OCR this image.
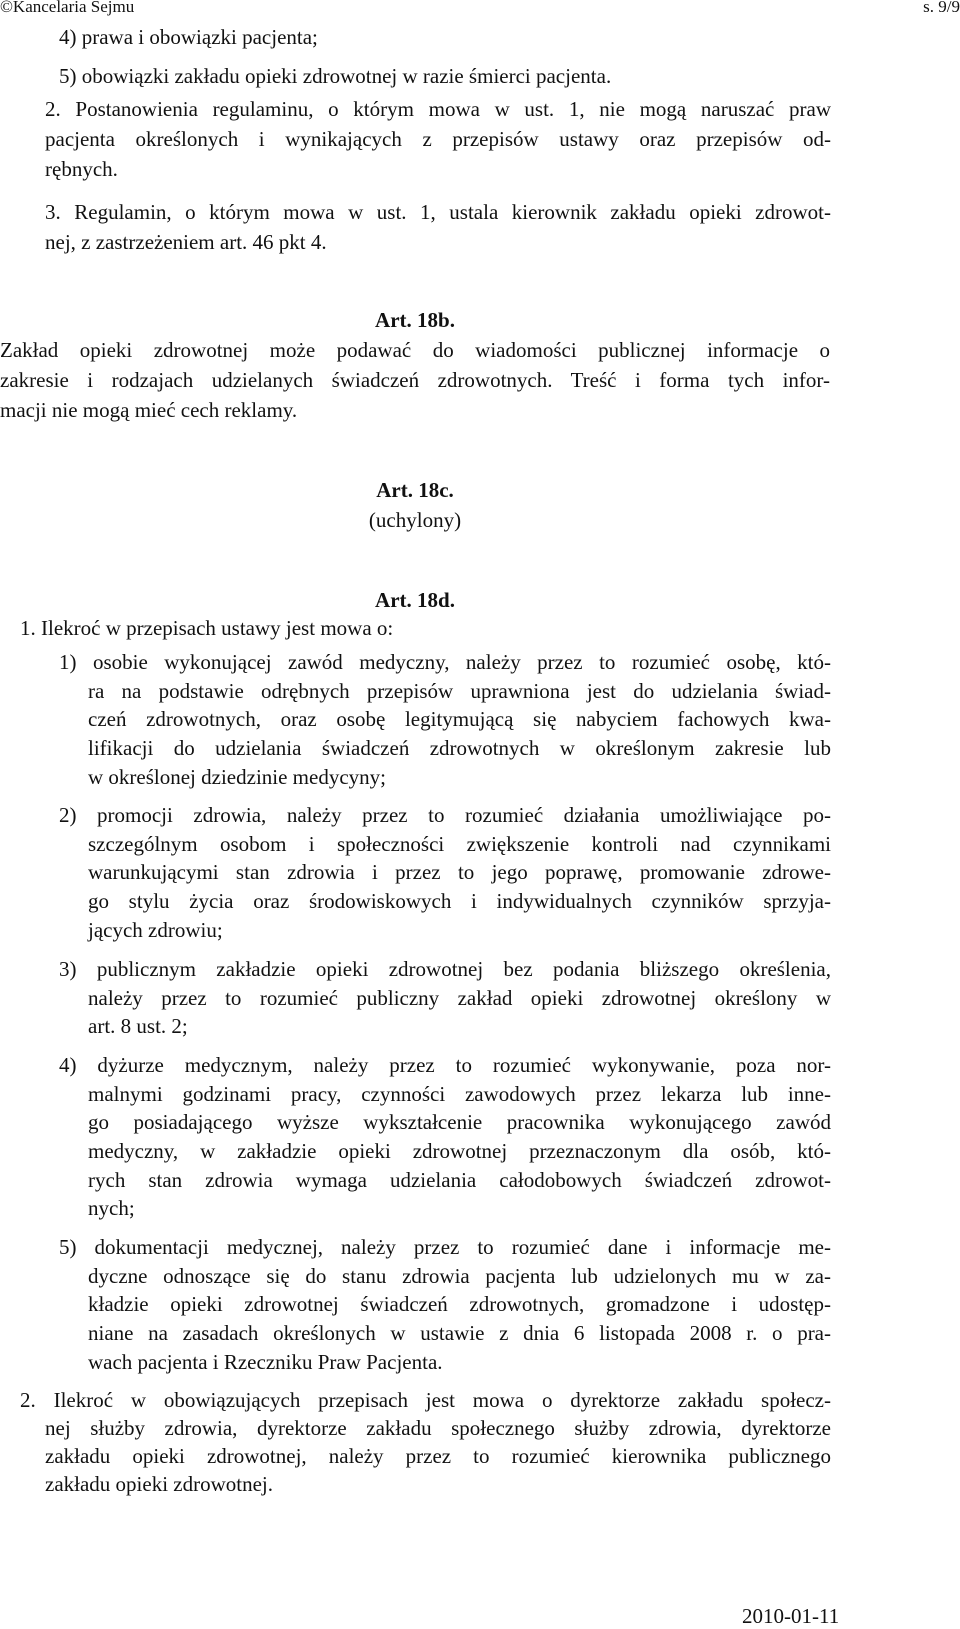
©Kancelaria Sejmu	s. 9/9
4) prawa i obowiązki pacjenta;
5) obowiązki zakładu opieki zdrowotnej w razie śmierci pacjenta.
2. Postanowienia regulaminu, o którym mowa w ust. 1, nie mogą naruszać praw
pacjenta określonych i wynikających z przepisów ustawy oraz przepisów od-
rębnych.
3. Regulamin, o którym mowa w ust. 1, ustala kierownik zakładu opieki zdrowot-
nej, z zastrzeżeniem art. 46 pkt 4.
Art. 18b.
Zakład opieki zdrowotnej może podawać do wiadomości publicznej informacje o
zakresie i rodzajach udzielanych świadczeń zdrowotnych. Treść i forma tych infor-
macji nie mogą mieć cech reklamy.
Art. 18c.
(uchylony)
Art. 18d.
1. Ilekroć w przepisach ustawy jest mowa o:
1) osobie wykonującej zawód medyczny, należy przez to rozumieć osobę, któ-
ra na podstawie odrębnych przepisów uprawniona jest do udzielania świad-
czeń zdrowotnych, oraz osobę legitymującą się nabyciem fachowych kwa-
lifikacji do udzielania świadczeń zdrowotnych w określonym zakresie lub
w określonej dziedzinie medycyny;
2) promocji zdrowia, należy przez to rozumieć działania umożliwiające po-
szczególnym osobom i społeczności zwiększenie kontroli nad czynnikami
warunkującymi stan zdrowia i przez to jego poprawę, promowanie zdrowe-
go stylu życia oraz środowiskowych i indywidualnych czynników sprzyja-
jących zdrowiu;
3) publicznym zakładzie opieki zdrowotnej bez podania bliższego określenia,
należy przez to rozumieć publiczny zakład opieki zdrowotnej określony w
art. 8 ust. 2;
4) dyżurze medycznym, należy przez to rozumieć wykonywanie, poza nor-
malnymi godzinami pracy, czynności zawodowych przez lekarza lub inne-
go posiadającego wyższe wykształcenie pracownika wykonującego zawód
medyczny, w zakładzie opieki zdrowotnej przeznaczonym dla osób, któ-
rych stan zdrowia wymaga udzielania całodobowych świadczeń zdrowot-
nych;
5) dokumentacji medycznej, należy przez to rozumieć dane i informacje me-
dyczne odnoszące się do stanu zdrowia pacjenta lub udzielonych mu w za-
kładzie opieki zdrowotnej świadczeń zdrowotnych, gromadzone i udostęp-
niane na zasadach określonych w ustawie z dnia 6 listopada 2008 r. o pra-
wach pacjenta i Rzeczniku Praw Pacjenta.
2. Ilekroć w obowiązujących przepisach jest mowa o dyrektorze zakładu społecz-
nej służby zdrowia, dyrektorze zakładu społecznego służby zdrowia, dyrektorze
zakładu opieki zdrowotnej, należy przez to rozumieć kierownika publicznego
zakładu opieki zdrowotnej.
2010-01-11
